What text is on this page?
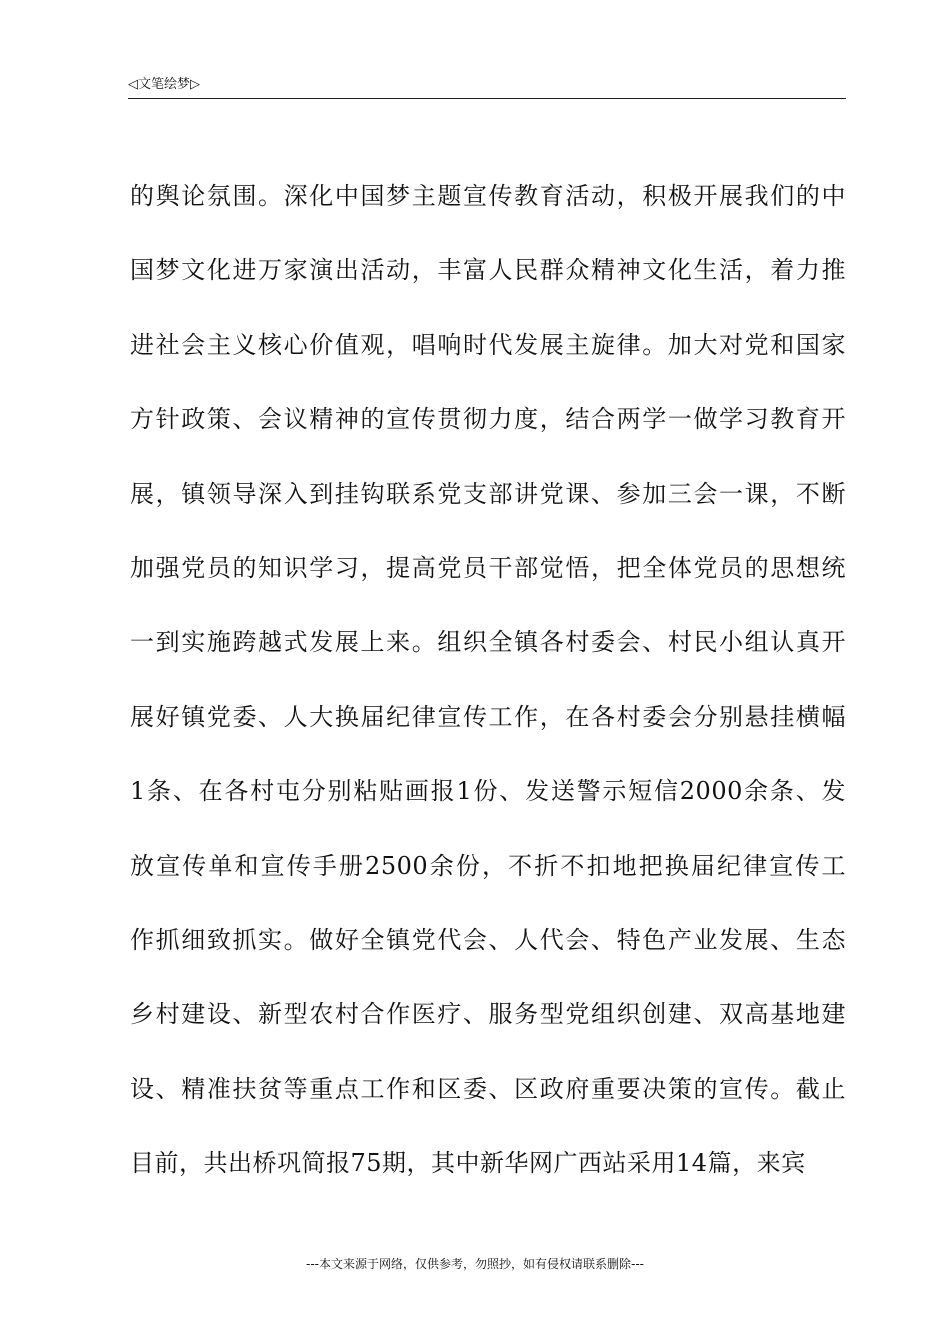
◁文笔绘梦▷
的舆论氛围。深化中国梦主题宣传教育活动，积极开展我们的中
国梦文化进万家演出活动，丰富人民群众精神文化生活，着力推
进社会主义核心价值观，唱响时代发展主旋律。加大对党和国家
方针政策、会议精神的宣传贯彻力度，结合两学一做学习教育开
展，镇领导深入到挂钩联系党支部讲党课、参加三会一课，不断
加强党员的知识学习，提高党员干部觉悟，把全体党员的思想统
一到实施跨越式发展上来。组织全镇各村委会、村民小组认真开
展好镇党委、人大换届纪律宣传工作，在各村委会分别悬挂横幅
1条、在各村屯分别粘贴画报1份、发送警示短信2000余条、发
放宣传单和宣传手册2500余份，不折不扣地把换届纪律宣传工
作抓细致抓实。做好全镇党代会、人代会、特色产业发展、生态
乡村建设、新型农村合作医疗、服务型党组织创建、双高基地建
设、精准扶贫等重点工作和区委、区政府重要决策的宣传。截止
目前，共出桥巩简报75期，其中新华网广西站采用14篇，来宾
---本文来源于网络，仅供参考，勿照抄，如有侵权请联系删除---
